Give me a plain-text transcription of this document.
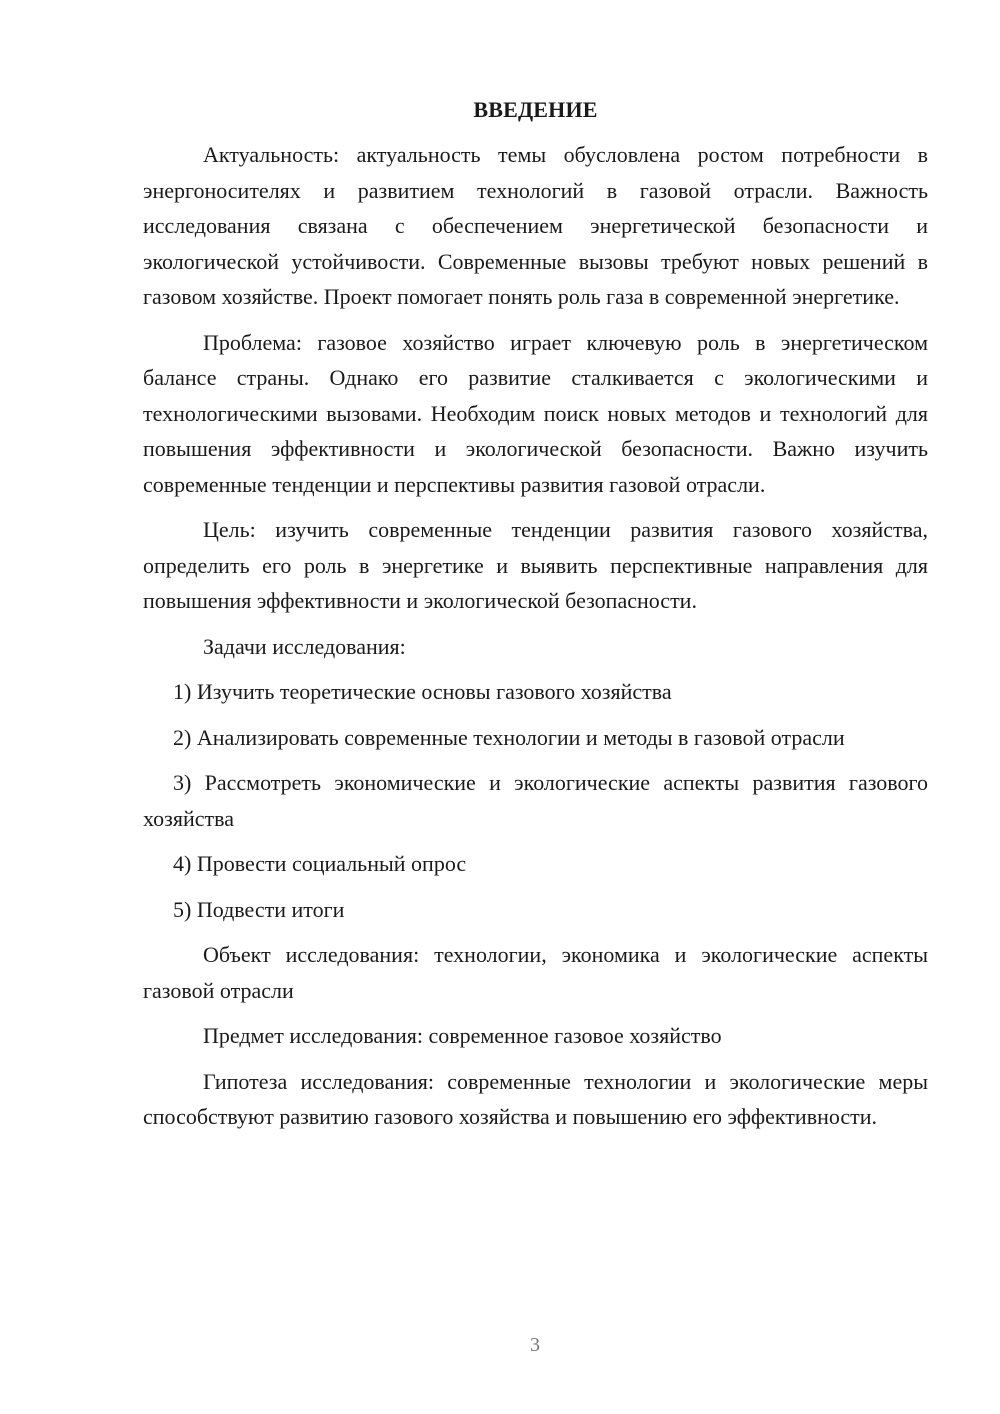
ВВЕДЕНИЕ

Актуальность: актуальность темы обусловлена ростом потребности в энергоносителях и развитием технологий в газовой отрасли. Важность исследования связана с обеспечением энергетической безопасности и экологической устойчивости. Современные вызовы требуют новых решений в газовом хозяйстве. Проект помогает понять роль газа в современной энергетике.

Проблема: газовое хозяйство играет ключевую роль в энергетическом балансе страны. Однако его развитие сталкивается с экологическими и технологическими вызовами. Необходим поиск новых методов и технологий для повышения эффективности и экологической безопасности. Важно изучить современные тенденции и перспективы развития газовой отрасли.

Цель: изучить современные тенденции развития газового хозяйства, определить его роль в энергетике и выявить перспективные направления для повышения эффективности и экологической безопасности.

Задачи исследования:

1) Изучить теоретические основы газового хозяйства

2) Анализировать современные технологии и методы в газовой отрасли

3) Рассмотреть экономические и экологические аспекты развития газового хозяйства

4) Провести социальный опрос

5) Подвести итоги

Объект исследования: технологии, экономика и экологические аспекты газовой отрасли

Предмет исследования: современное газовое хозяйство

Гипотеза исследования: современные технологии и экологические меры способствуют развитию газового хозяйства и повышению его эффективности.

3
